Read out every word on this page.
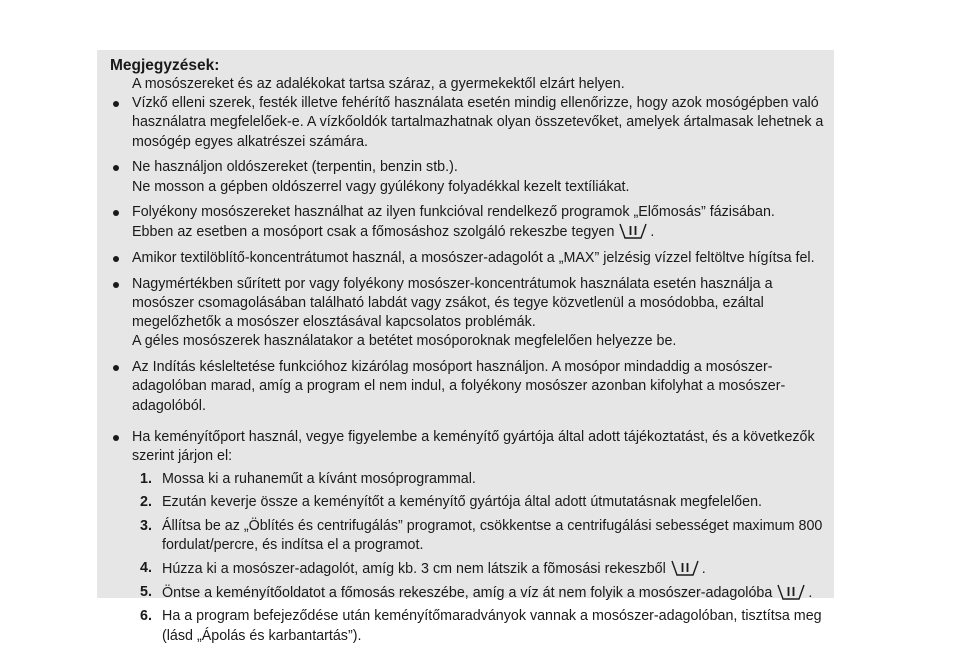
Megjegyzések:
A mosószereket és az adalékokat tartsa száraz, a gyermekektől elzárt helyen.
Vízkő elleni szerek, festék illetve fehérítő használata esetén mindig ellenőrizze, hogy azok mosógépben való használatra megfelelőek-e. A vízkőoldók tartalmazhatnak olyan összetevőket, amelyek ártalmasak lehetnek a mosógép egyes alkatrészei számára.
Ne használjon oldószereket (terpentin, benzin stb.).
Ne mosson a gépben oldószerrel vagy gyúlékony folyadékkal kezelt textíliákat.
Folyékony mosószereket használhat az ilyen funkcióval rendelkező programok „Előmosás” fázisában.
Ebben az esetben a mosóport csak a főmosáshoz szolgáló rekeszbe tegyen	.
Amikor textilöblítő-koncentrátumot használ, a mosószer-adagolót a „MAX” jelzésig vízzel feltöltve hígítsa fel.
Nagymértékben sűrített por vagy folyékony mosószer-koncentrátumok használata esetén használja a mosószer csomagolásában található labdát vagy zsákot, és tegye közvetlenül a mosódobba, ezáltal megelőzhetők a mosószer elosztásával kapcsolatos problémák.
A géles mosószerek használatakor a betétet mosóporoknak megfelelően helyezze be.
Az Indítás késleltetése funkcióhoz kizárólag mosóport használjon. A mosópor mindaddig a mosószer-adagolóban marad, amíg a program el nem indul, a folyékony mosószer azonban kifolyhat a mosószer-adagolóból.
Ha keményítőport használ, vegye figyelembe a keményítő gyártója által adott tájékoztatást, és a következők szerint járjon el:
1. Mossa ki a ruhaneműt a kívánt mosóprogrammal.
2. Ezután keverje össze a keményítőt a keményítő gyártója által adott útmutatásnak megfelelően.
3. Állítsa be az „Öblítés és centrifugálás” programot, csökkentse a centrifugálási sebességet maximum 800 fordulat/percre, és indítsa el a programot.
4. Húzza ki a mosószer-adagolót, amíg kb. 3 cm nem látszik a fõmosási rekeszből	.
5. Öntse a keményítőoldatot a főmosás rekeszébe, amíg a víz át nem folyik a mosószer-adagolóba	.
6. Ha a program befejeződése után keményítőmaradványok vannak a mosószer-adagolóban, tisztítsa meg (lásd „Ápolás és karbantartás”).
